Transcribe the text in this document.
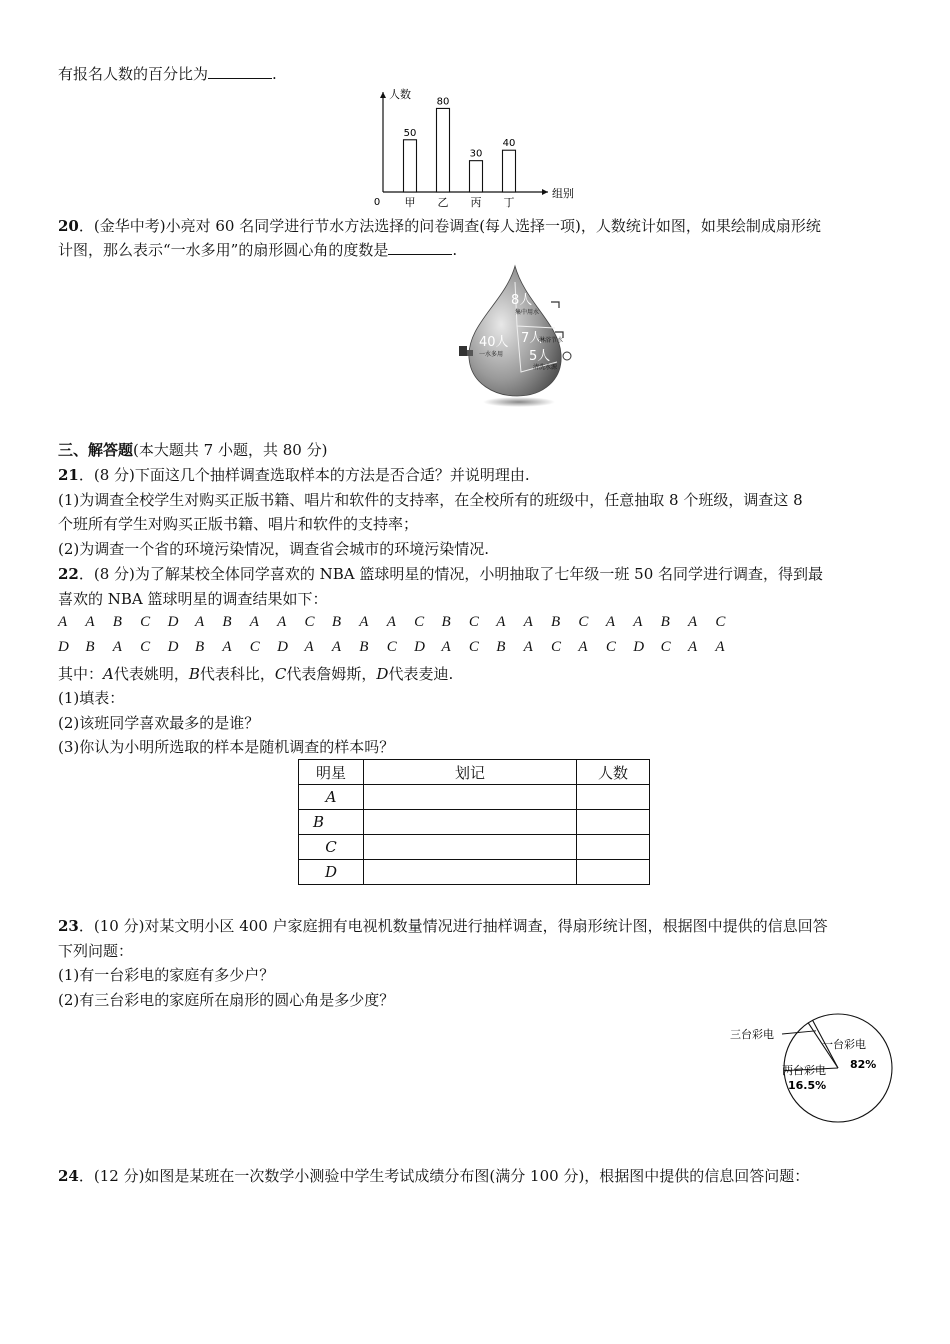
有报名人数的百分比为	.
人数
组别
0
50
甲
80
乙
30
丙
40
丁
20．(金华中考)小亮对 60 名同学进行节水方法选择的问卷调查(每人选择一项)，人数统计如图，如果绘制成扇形统
计图，那么表示“一水多用”的扇形圆心角的度数是	.
8人
集中用水
40人 7人
淋浴节水
一水多用 5人
清洗水源
三、解答题(本大题共 7 小题，共 80 分)
21．(8 分)下面这几个抽样调查选取样本的方法是否合适？并说明理由.
(1)为调查全校学生对购买正版书籍、唱片和软件的支持率，在全校所有的班级中，任意抽取 8 个班级，调查这 8
个班所有学生对购买正版书籍、唱片和软件的支持率；
(2)为调查一个省的环境污染情况，调查省会城市的环境污染情况.
22．(8 分)为了解某校全体同学喜欢的 NBA 篮球明星的情况，小明抽取了七年级一班 50 名同学进行调查，得到最
喜欢的 NBA 篮球明星的调查结果如下：
A A B C D A B A A C B A A C B C A A B C A A B A C
D B A C D B A C D A A B C D A C B A C A C D C A A
其中：A代表姚明，B代表科比，C代表詹姆斯，D代表麦迪.
(1)填表：
(2)该班同学喜欢最多的是谁？
(3)你认为小明所选取的样本是随机调查的样本吗？
明星	划记	人数
A		
B		
C		
D		
23．(10 分)对某文明小区 400 户家庭拥有电视机数量情况进行抽样调查，得扇形统计图，根据图中提供的信息回答
下列问题：
(1)有一台彩电的家庭有多少户？
(2)有三台彩电的家庭所在扇形的圆心角是多少度？
一台彩电
82%
两台彩电
16.5%
三台彩电
24．(12 分)如图是某班在一次数学小测验中学生考试成绩分布图(满分 100 分)，根据图中提供的信息回答问题：
